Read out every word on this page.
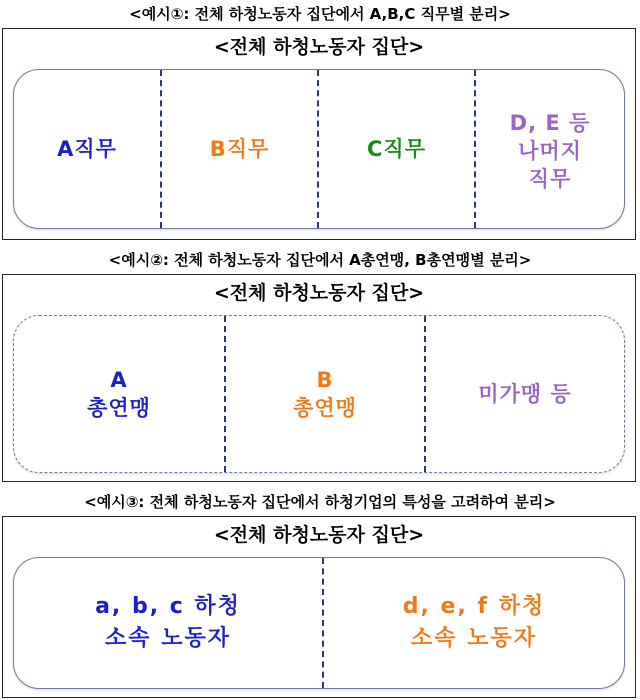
<예시①: 전체 하청노동자 집단에서 A,B,C 직무별 분리>
<전체 하청노동자 집단>
A직무	B직무	C직무
D, E 등
나머지
직무
<예시②: 전체 하청노동자 집단에서 A총연맹, B총연맹별 분리>
<전체 하청노동자 집단>
A
총연맹
B
총연맹
미가맹 등
<예시③: 전체 하청노동자 집단에서 하청기업의 특성을 고려하여 분리>
<전체 하청노동자 집단>
a, b, c 하청
소속 노동자
d, e, f 하청
소속 노동자
